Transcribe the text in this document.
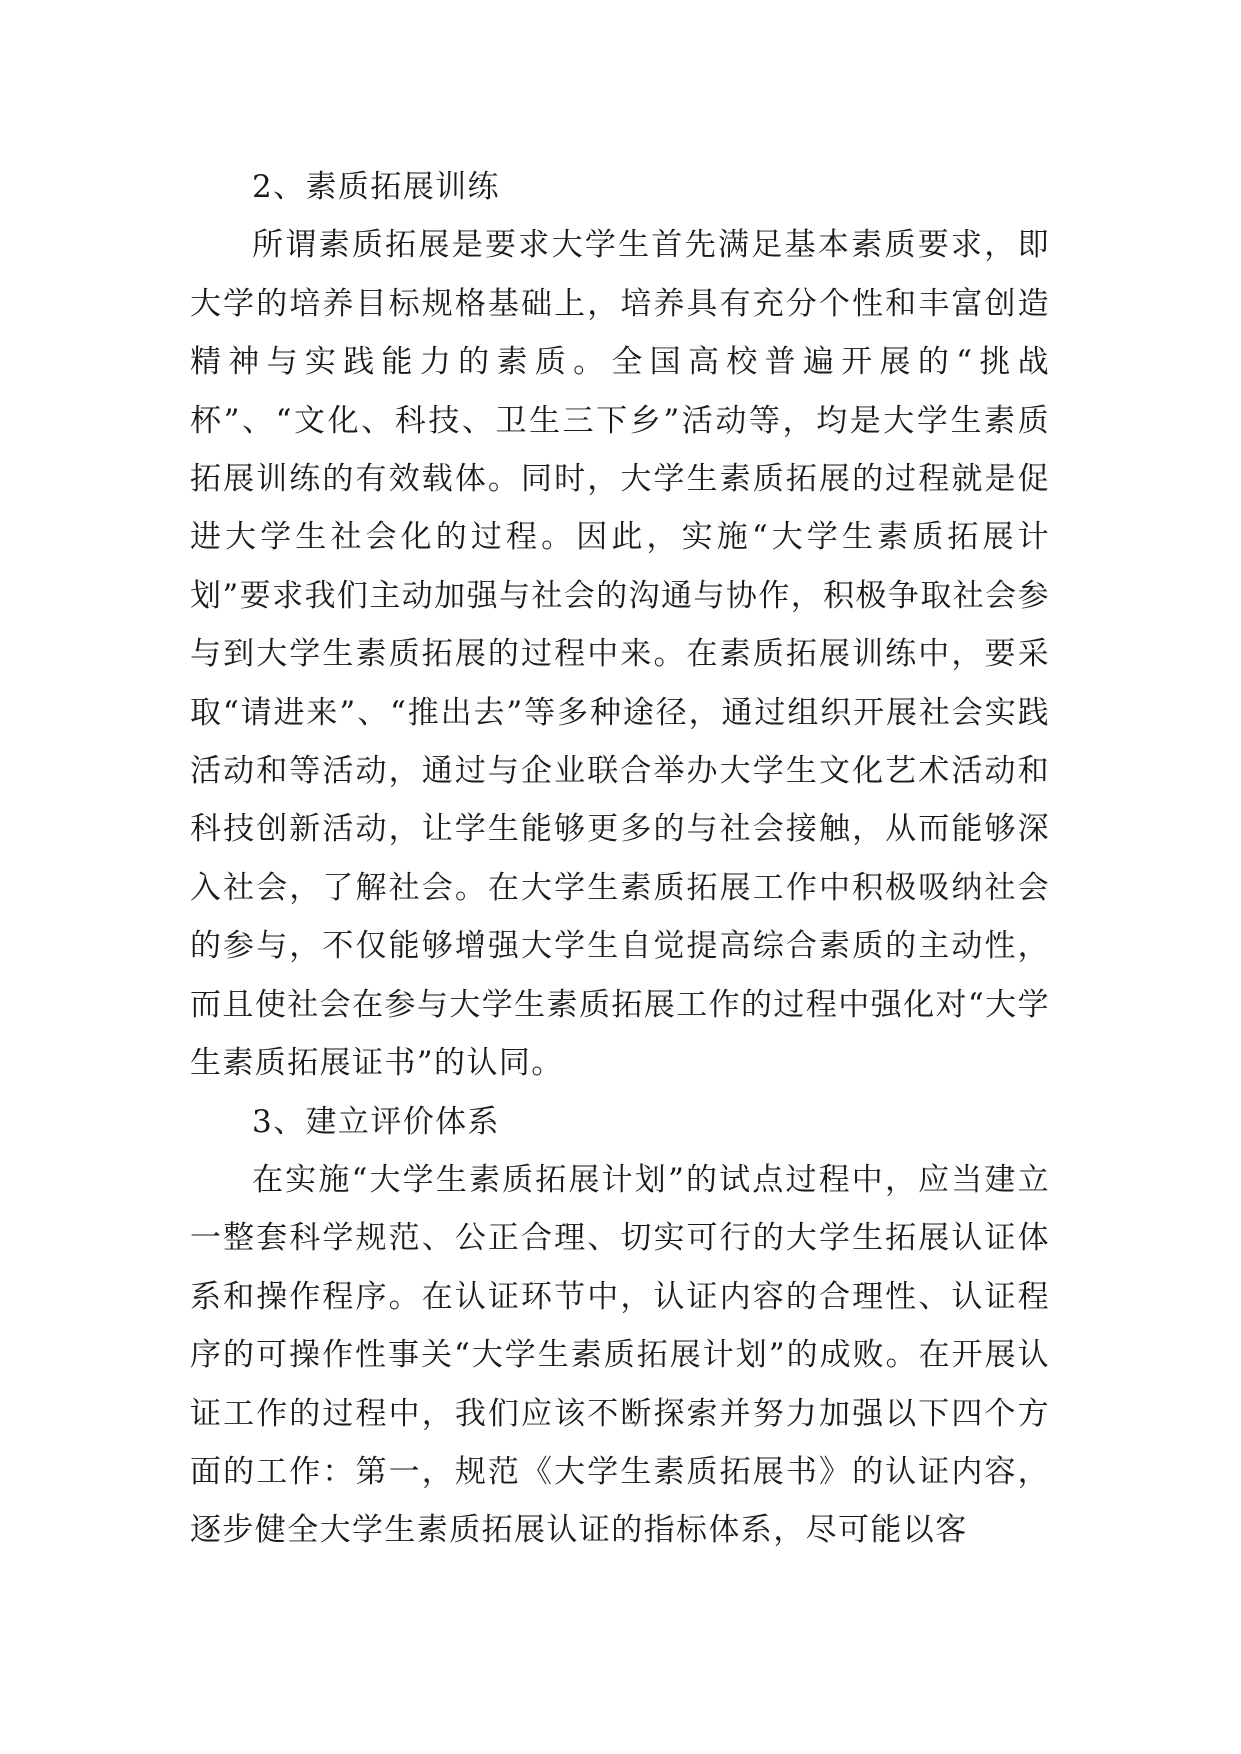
2、素质拓展训练

所谓素质拓展是要求大学生首先满足基本素质要求，即大学的培养目标规格基础上，培养具有充分个性和丰富创造精神与实践能力的素质。全国高校普遍开展的“挑战杯”、“文化、科技、卫生三下乡”活动等，均是大学生素质拓展训练的有效载体。同时，大学生素质拓展的过程就是促进大学生社会化的过程。因此，实施“大学生素质拓展计划”要求我们主动加强与社会的沟通与协作，积极争取社会参与到大学生素质拓展的过程中来。在素质拓展训练中，要采取“请进来”、“推出去”等多种途径，通过组织开展社会实践活动和等活动，通过与企业联合举办大学生文化艺术活动和科技创新活动，让学生能够更多的与社会接触，从而能够深入社会，了解社会。在大学生素质拓展工作中积极吸纳社会的参与，不仅能够增强大学生自觉提高综合素质的主动性，而且使社会在参与大学生素质拓展工作的过程中强化对“大学生素质拓展证书”的认同。

3、建立评价体系

在实施“大学生素质拓展计划”的试点过程中，应当建立一整套科学规范、公正合理、切实可行的大学生拓展认证体系和操作程序。在认证环节中，认证内容的合理性、认证程序的可操作性事关“大学生素质拓展计划”的成败。在开展认证工作的过程中，我们应该不断探索并努力加强以下四个方面的工作：第一，规范《大学生素质拓展书》的认证内容，逐步健全大学生素质拓展认证的指标体系，尽可能以客
